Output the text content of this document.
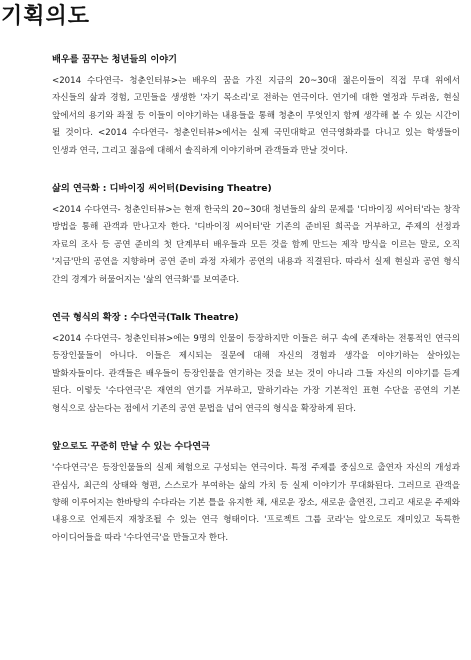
기획의도
배우를 꿈꾸는 청년들의 이야기

<2014 수다연극- 청춘인터뷰>는 배우의 꿈을 가진 지금의 20~30대 젊은이들이 직접 무대 위에서 자신들의 삶과 경험, 고민들을 생생한 '자기 목소리'로 전하는 연극이다. 연기에 대한 열정과 두려움, 현실 앞에서의 용기와 좌절 등 이들이 이야기하는 내용들을 통해 청춘이 무엇인지 함께 생각해 볼 수 있는 시간이 될 것이다. <2014 수다연극- 청춘인터뷰>에서는 실제 국민대학교 연극영화과를 다니고 있는 학생들이 인생과 연극, 그리고 젊음에 대해서 솔직하게 이야기하며 관객들과 만날 것이다.

삶의 연극화 : 디바이징 씨어터(Devising Theatre)

<2014 수다연극- 청춘인터뷰>는 현재 한국의 20~30대 청년들의 삶의 문제를 '디바이징 씨어터'라는 창작 방법을 통해 관객과 만나고자 한다. '디바이징 씨어터'란 기존의 준비된 희곡을 거부하고, 주제의 선정과 자료의 조사 등 공연 준비의 첫 단계부터 배우들과 모든 것을 함께 만드는 제작 방식을 이르는 말로, 오직 '지금'만의 공연을 지향하며 공연 준비 과정 자체가 공연의 내용과 직결된다. 따라서 실제 현실과 공연 형식 간의 경계가 허물어지는 '삶의 연극화'를 보여준다.

연극 형식의 확장 : 수다연극(Talk Theatre)

<2014 수다연극- 청춘인터뷰>에는 9명의 인물이 등장하지만 이들은 허구 속에 존재하는 전통적인 연극의 등장인물들이 아니다. 이들은 제시되는 질문에 대해 자신의 경험과 생각을 이야기하는 살아있는 발화자들이다. 관객들은 배우들이 등장인물을 연기하는 것을 보는 것이 아니라 그들 자신의 이야기를 듣게 된다. 이렇듯 '수다연극'은 재연의 연기를 거부하고, 말하기라는 가장 기본적인 표현 수단을 공연의 기본 형식으로 삼는다는 점에서 기존의 공연 문법을 넘어 연극의 형식을 확장하게 된다.

앞으로도 꾸준히 만날 수 있는 수다연극

'수다연극'은 등장인물들의 실제 체험으로 구성되는 연극이다. 특정 주제를 중심으로 출연자 자신의 개성과 관심사, 최근의 상태와 형편, 스스로가 부여하는 삶의 가치 등 실제 이야기가 무대화된다. 그러므로 관객을 향해 이루어지는 한바탕의 수다라는 기본 틀을 유지한 채, 새로운 장소, 새로운 출연진, 그리고 새로운 주제와 내용으로 언제든지 재창조될 수 있는 연극 형태이다. '프로젝트 그룹 코라'는 앞으로도 재미있고 독특한 아이디어들을 따라 '수다연극'을 만들고자 한다.
